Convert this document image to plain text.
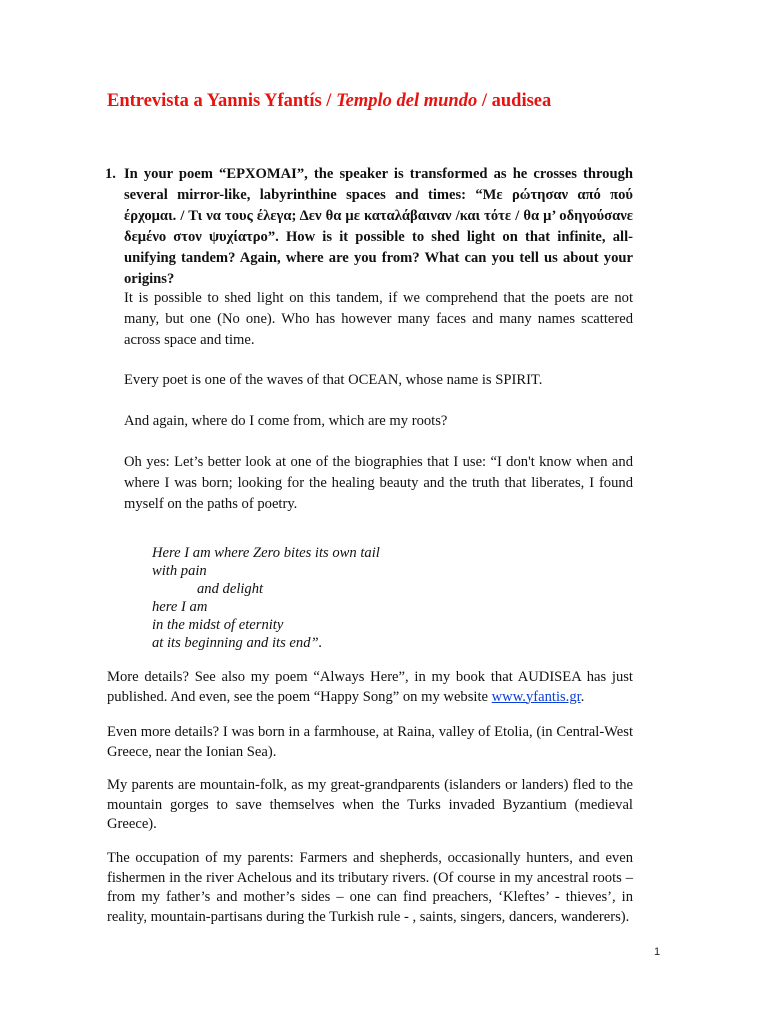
Entrevista a Yannis Yfantís / Templo del mundo / audisea
1. In your poem “ΕΡΧΟΜΑΙ”, the speaker is transformed as he crosses through several mirror-like, labyrinthine spaces and times: “Με ρώτησαν από πού έρχομαι. / Τι να τους έλεγα; Δεν θα με καταλάβαιναν /και τότε / θα μ’ οδηγούσανε δεμένο στον ψυχίατρο”. How is it possible to shed light on that infinite, all-unifying tandem? Again, where are you from? What can you tell us about your origins?

It is possible to shed light on this tandem, if we comprehend that the poets are not many, but one (No one). Who has however many faces and many names scattered across space and time.

Every poet is one of the waves of that OCEAN, whose name is SPIRIT.

And again, where do I come from, which are my roots?

Oh yes: Let’s better look at one of the biographies that I use: “I don't know when and where I was born; looking for the healing beauty and the truth that liberates, I found myself on the paths of poetry.

Here I am where Zero bites its own tail
with pain
and delight
here I am
in the midst of eternity
at its beginning and its end”.

More details? See also my poem “Always Here”, in my book that AUDISEA has just published. And even, see the poem “Happy Song” on my website www.yfantis.gr.

Even more details? I was born in a farmhouse, at Raina, valley of Etolia, (in Central-West Greece, near the Ionian Sea).

My parents are mountain-folk, as my great-grandparents (islanders or landers) fled to the mountain gorges to save themselves when the Turks invaded Byzantium (medieval Greece).

The occupation of my parents: Farmers and shepherds, occasionally hunters, and even fishermen in the river Achelous and its tributary rivers. (Of course in my ancestral roots – from my father’s and mother’s sides – one can find preachers, ‘Kleftes’ - thieves’, in reality, mountain-partisans during the Turkish rule - , saints, singers, dancers, wanderers).

1
